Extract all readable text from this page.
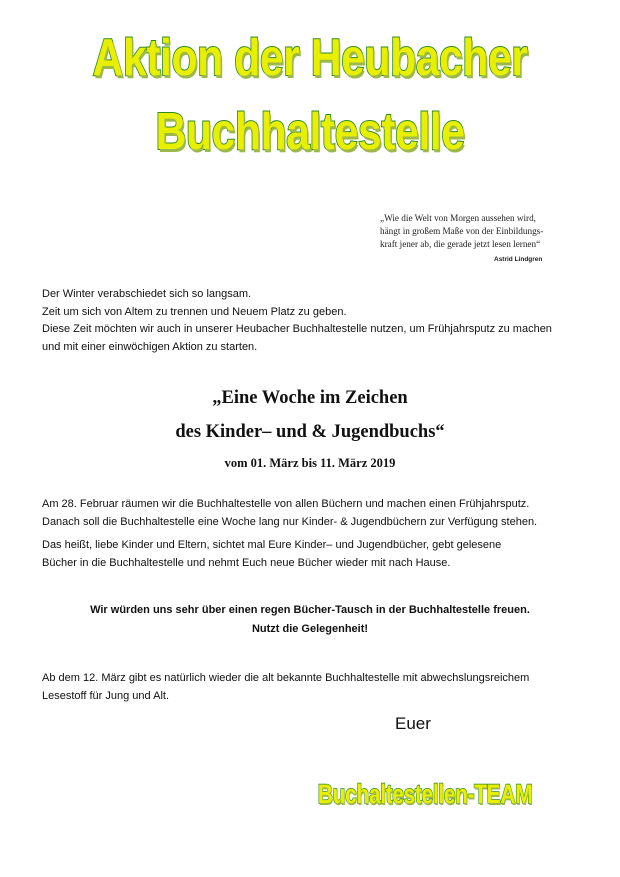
Aktion der Heubacher
Buchhaltestelle
„Wie die Welt von Morgen aussehen wird,
hängt in großem Maße von der Einbildungs-
kraft jener ab, die gerade jetzt lesen lernen“
Astrid Lindgren
Der Winter verabschiedet sich so langsam.
Zeit um sich von Altem zu trennen und Neuem Platz zu geben.
Diese Zeit möchten wir auch in unserer Heubacher Buchhaltestelle nutzen, um Frühjahrsputz zu machen
und mit einer einwöchigen Aktion zu starten.
„Eine Woche im Zeichen
des Kinder– und & Jugendbuchs“
vom 01. März bis 11. März 2019
Am 28. Februar räumen wir die Buchhaltestelle von allen Büchern und machen einen Frühjahrsputz.
Danach soll die Buchhaltestelle eine Woche lang nur Kinder- & Jugendbüchern zur Verfügung stehen.
Das heißt, liebe Kinder und Eltern, sichtet mal Eure Kinder– und Jugendbücher, gebt gelesene
Bücher in die Buchhaltestelle und nehmt Euch neue Bücher wieder mit nach Hause.
Wir würden uns sehr über einen regen Bücher-Tausch in der Buchhaltestelle freuen.
Nutzt die Gelegenheit!
Ab dem 12. März gibt es natürlich wieder die alt bekannte Buchhaltestelle mit abwechslungsreichem
Lesestoff für Jung und Alt.
Euer
Buchaltestellen-TEAM
